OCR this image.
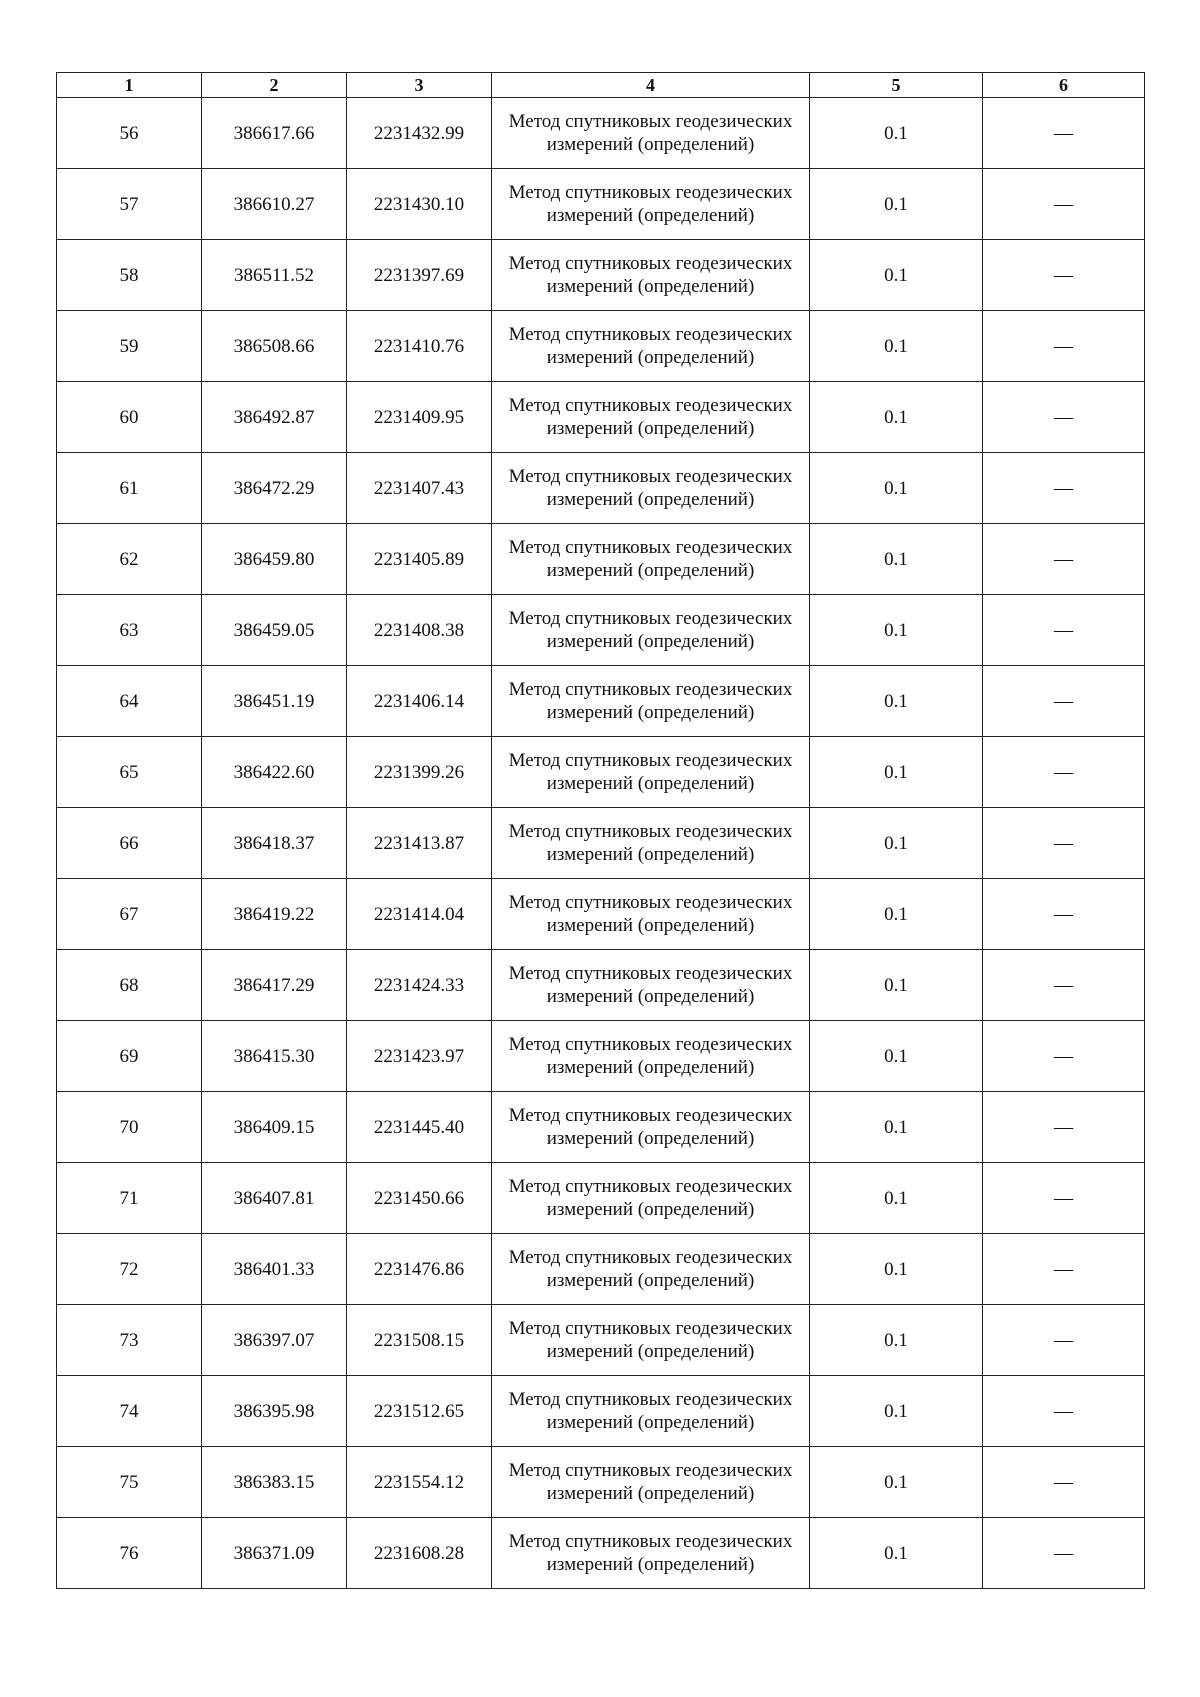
1	2	3	4	5	6
56	386617.66	2231432.99	Метод спутниковых геодезических измерений (определений)	0.1	—
57	386610.27	2231430.10	Метод спутниковых геодезических измерений (определений)	0.1	—
58	386511.52	2231397.69	Метод спутниковых геодезических измерений (определений)	0.1	—
59	386508.66	2231410.76	Метод спутниковых геодезических измерений (определений)	0.1	—
60	386492.87	2231409.95	Метод спутниковых геодезических измерений (определений)	0.1	—
61	386472.29	2231407.43	Метод спутниковых геодезических измерений (определений)	0.1	—
62	386459.80	2231405.89	Метод спутниковых геодезических измерений (определений)	0.1	—
63	386459.05	2231408.38	Метод спутниковых геодезических измерений (определений)	0.1	—
64	386451.19	2231406.14	Метод спутниковых геодезических измерений (определений)	0.1	—
65	386422.60	2231399.26	Метод спутниковых геодезических измерений (определений)	0.1	—
66	386418.37	2231413.87	Метод спутниковых геодезических измерений (определений)	0.1	—
67	386419.22	2231414.04	Метод спутниковых геодезических измерений (определений)	0.1	—
68	386417.29	2231424.33	Метод спутниковых геодезических измерений (определений)	0.1	—
69	386415.30	2231423.97	Метод спутниковых геодезических измерений (определений)	0.1	—
70	386409.15	2231445.40	Метод спутниковых геодезических измерений (определений)	0.1	—
71	386407.81	2231450.66	Метод спутниковых геодезических измерений (определений)	0.1	—
72	386401.33	2231476.86	Метод спутниковых геодезических измерений (определений)	0.1	—
73	386397.07	2231508.15	Метод спутниковых геодезических измерений (определений)	0.1	—
74	386395.98	2231512.65	Метод спутниковых геодезических измерений (определений)	0.1	—
75	386383.15	2231554.12	Метод спутниковых геодезических измерений (определений)	0.1	—
76	386371.09	2231608.28	Метод спутниковых геодезических измерений (определений)	0.1	—
